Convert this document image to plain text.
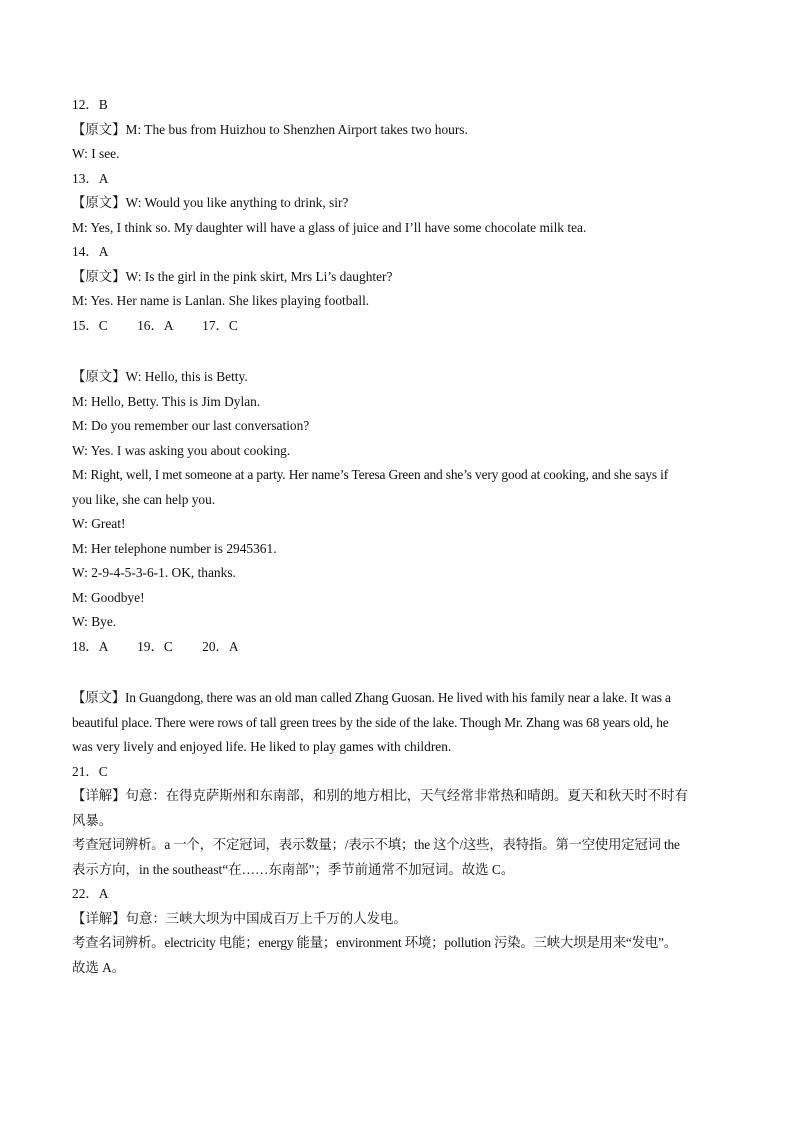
12．B
【原文】M: The bus from Huizhou to Shenzhen Airport takes two hours.
W: I see.
13．A
【原文】W: Would you like anything to drink, sir?
M: Yes, I think so. My daughter will have a glass of juice and I’ll have some chocolate milk tea.
14．A
【原文】W: Is the girl in the pink skirt, Mrs Li’s daughter?
M: Yes. Her name is Lanlan. She likes playing football.
15．C 16．A 17．C
【原文】W: Hello, this is Betty.
M: Hello, Betty. This is Jim Dylan.
M: Do you remember our last conversation?
W: Yes. I was asking you about cooking.
M: Right, well, I met someone at a party. Her name’s Teresa Green and she’s very good at cooking, and she says if
you like, she can help you.
W: Great!
M: Her telephone number is 2945361.
W: 2-9-4-5-3-6-1. OK, thanks.
M: Goodbye!
W: Bye.
18．A 19．C 20．A
【原文】In Guangdong, there was an old man called Zhang Guosan. He lived with his family near a lake. It was a
beautiful place. There were rows of tall green trees by the side of the lake. Though Mr. Zhang was 68 years old, he
was very lively and enjoyed life. He liked to play games with children.
21．C
【详解】句意：在得克萨斯州和东南部，和别的地方相比，天气经常非常热和晴朗。夏天和秋天时不时有
风暴。
考查冠词辨析。a 一个，不定冠词，表示数量；/表示不填；the 这个/这些，表特指。第一空使用定冠词 the
表示方向，in the southeast“在……东南部”；季节前通常不加冠词。故选 C。
22．A
【详解】句意：三峡大坝为中国成百万上千万的人发电。
考查名词辨析。electricity 电能；energy 能量；environment 环境；pollution 污染。三峡大坝是用来“发电”。
故选 A。
